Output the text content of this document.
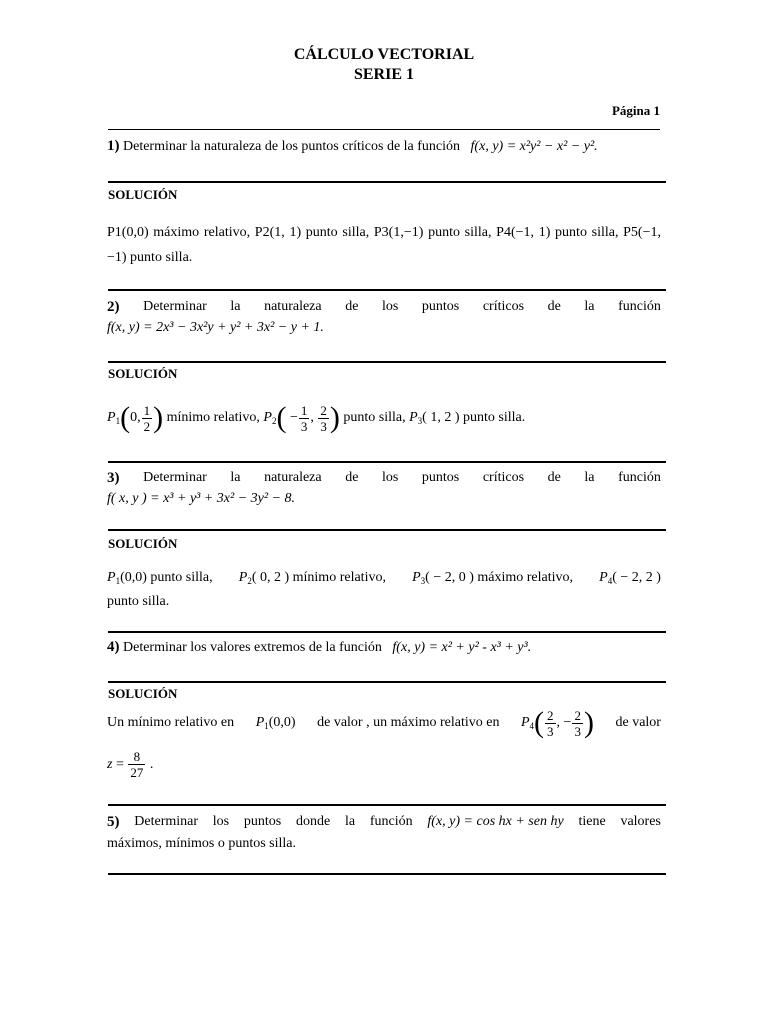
CÁLCULO VECTORIAL
SERIE 1
Página 1
1) Determinar la naturaleza de los puntos críticos de la función f(x, y) = x²y² − x² − y².
SOLUCIÓN
P1(0,0) máximo relativo, P2(1, 1) punto silla, P3(1,−1) punto silla, P4(−1, 1) punto silla, P5(−1, −1) punto silla.
2) Determinar la naturaleza de los puntos críticos de la función
f(x, y) = 2x³ − 3x²y + y² + 3x² − y + 1.
SOLUCIÓN
$P_1(0$, $\frac{1}{2}$ ) mínimo relativo, $P_2( - \frac{1}{3}$ , $\frac{2}{3}$ ) punto silla, $P_3$( 1, 2 ) punto silla.
3) Determinar la naturaleza de los puntos críticos de la función
f( x, y ) = x³ + y³ + 3x² − 3y² − 8.
SOLUCIÓN
$P_1(0,0)$ punto silla, $P_2$( 0, 2 ) mínimo relativo, $P_3( - 2$, 0 ) máximo relativo, $P_4( - 2$, 2 )
punto silla.
4) Determinar los valores extremos de la función f(x, y) = x² + y² - x³ + y³.
SOLUCIÓN
Un mínimo relativo en $P_1(0,0)$ de valor , un máximo relativo en $P_4( \frac{2}{3}$ , − $\frac{2}{3}$ ) de valor
$z = \frac{8}{27}$ .
5) Determinar los puntos donde la función f(x, y) = cos hx + sen hy tiene valores
máximos, mínimos o puntos silla.
